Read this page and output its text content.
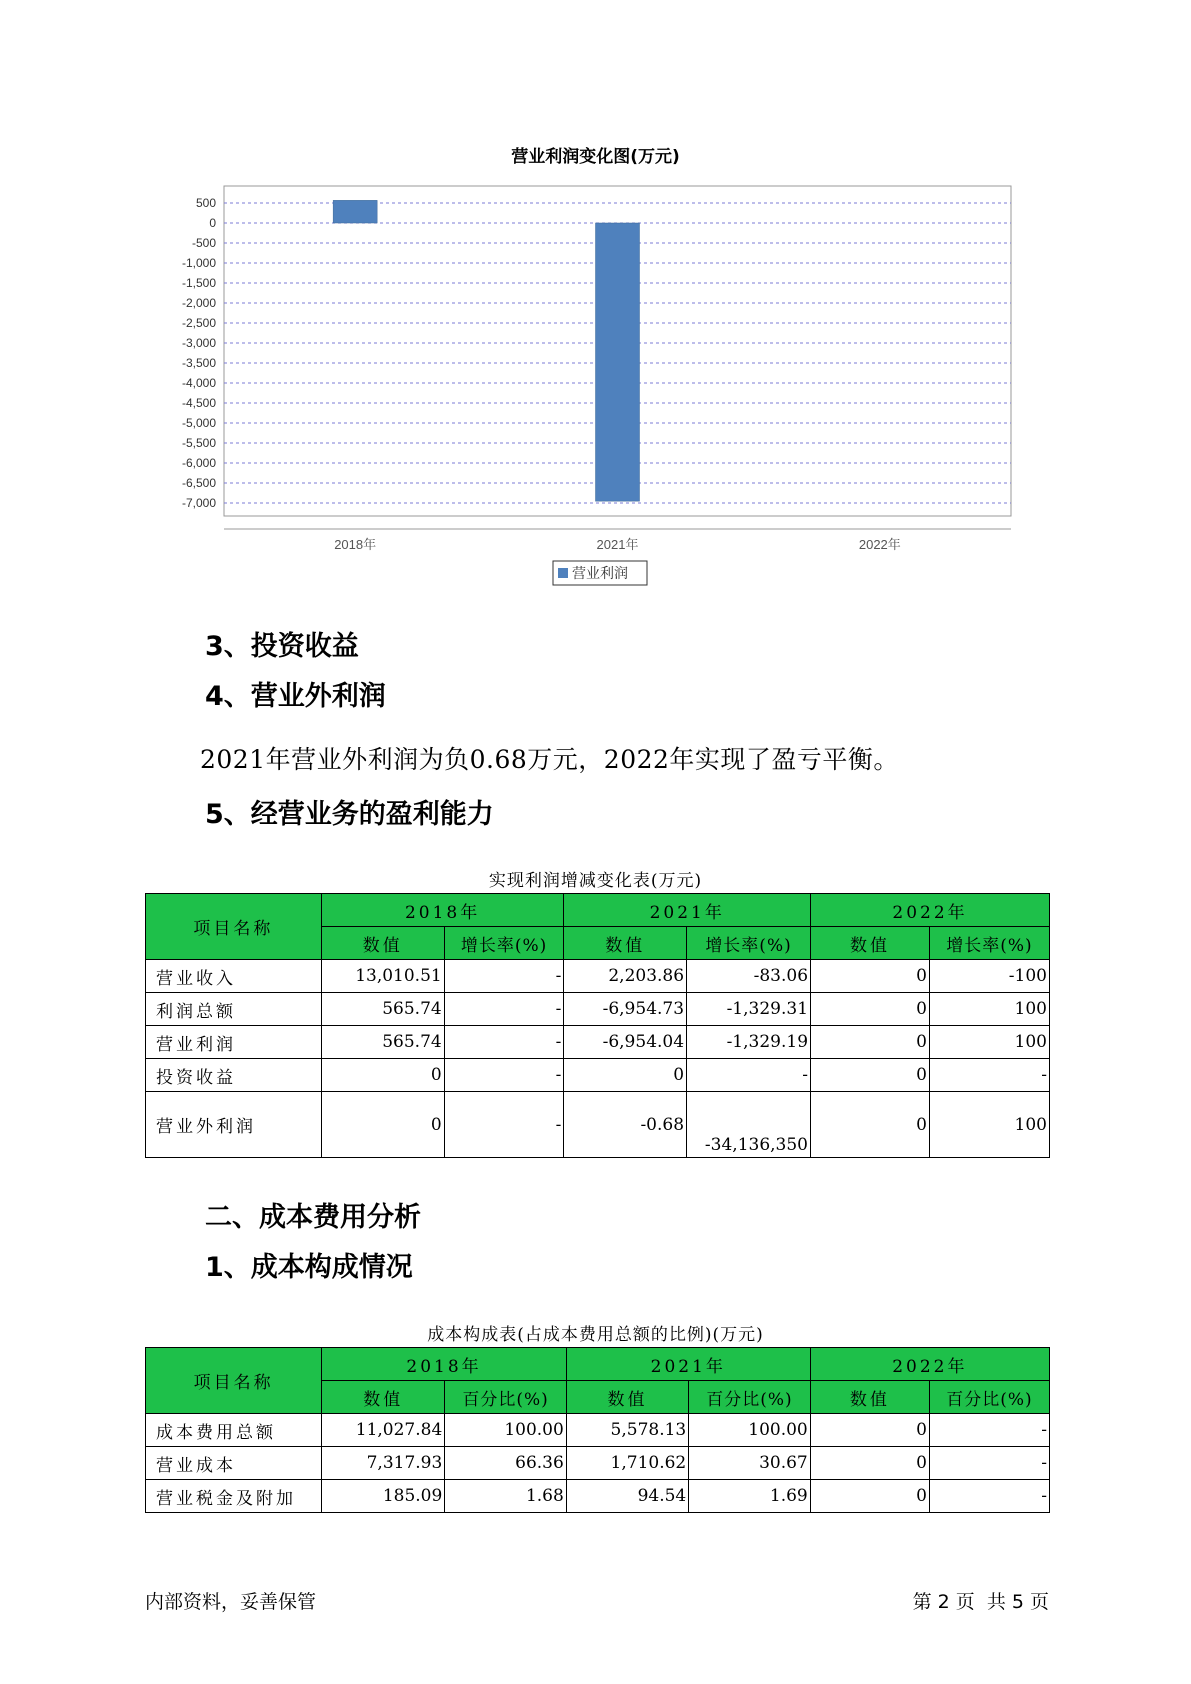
营业利润变化图(万元)
500
0
-500
-1,000
-1,500
-2,000
-2,500
-3,000
-3,500
-4,000
-4,500
-5,000
-5,500
-6,000
-6,500
-7,000
2018年	2021年	2022年
营业利润
3、投资收益
4、营业外利润
2021年营业外利润为负0.68万元，2022年实现了盈亏平衡。
5、经营业务的盈利能力
实现利润增减变化表(万元)
项目名称	2018年		2021年		2022年	
	数值	增长率(%)	数值	增长率(%)	数值	增长率(%)
营业收入	13,010.51	-	2,203.86	-83.06	0	-100
利润总额	565.74	-	-6,954.73	-1,329.31	0	100
营业利润	565.74	-	-6,954.04	-1,329.19	0	100
投资收益	0	-	0	-	0	-
营业外利润	0	-	-0.68	-34,136,350	0	100
二、成本费用分析
1、成本构成情况
成本构成表(占成本费用总额的比例)(万元)
项目名称	2018年		2021年		2022年	
	数值	百分比(%)	数值	百分比(%)	数值	百分比(%)
成本费用总额	11,027.84	100.00	5,578.13	100.00	0	-
营业成本	7,317.93	66.36	1,710.62	30.67	0	-
营业税金及附加	185.09	1.68	94.54	1.69	0	-
内部资料，妥善保管	第 2 页  共 5 页
